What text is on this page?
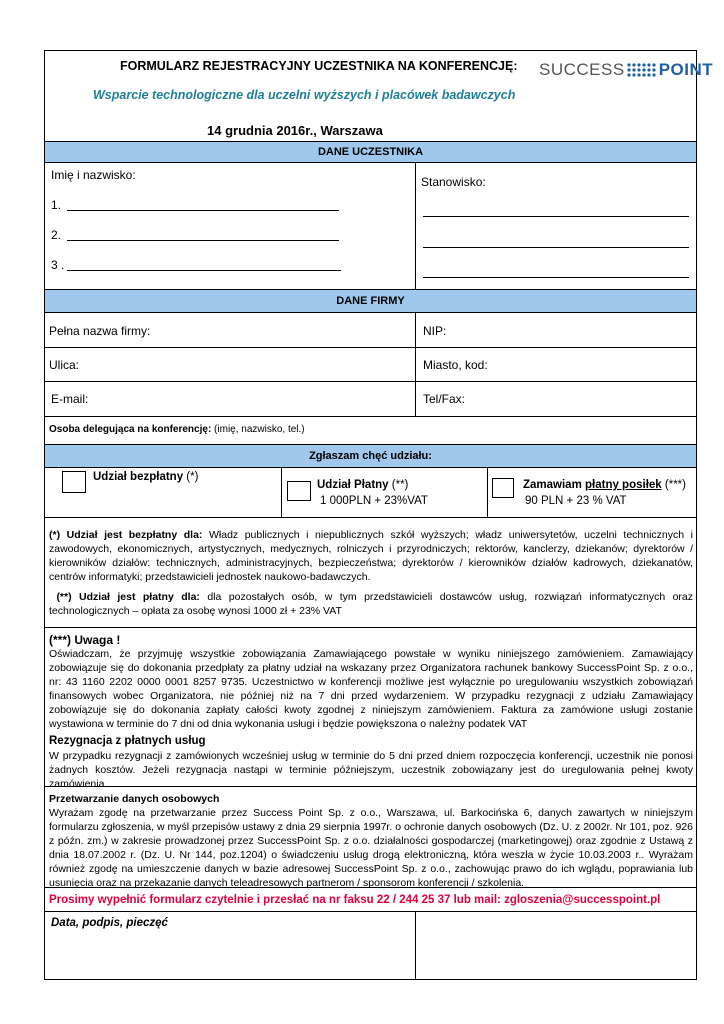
FORMULARZ REJESTRACYJNY UCZESTNIKA NA KONFERENCJĘ:
Wsparcie technologiczne dla uczelni wyższych i placówek badawczych
14 grudnia 2016r., Warszawa
SUCCESS POINT
DANE UCZESTNIKA
Imię i nazwisko:
1.
2.
3 .
Stanowisko:
DANE FIRMY
Pełna nazwa firmy:	NIP:
Ulica:	Miasto, kod:
E-mail:	Tel/Fax:
Osoba delegująca na konferencję: (imię, nazwisko, tel.)
Zgłaszam chęć udziału:
Udział bezpłatny (*)
Udział Płatny (**)
1 000PLN + 23%VAT
Zamawiam płatny posiłek (***)
90 PLN + 23 % VAT
(*) Udział jest bezpłatny dla: Władz publicznych i niepublicznych szkół wyższych; władz uniwersytetów, uczelni technicznych i zawodowych, ekonomicznych, artystycznych, medycznych, rolniczych i przyrodniczych; rektorów, kanclerzy, dziekanów; dyrektorów / kierowników działów: technicznych, administracyjnych, bezpieczeństwa; dyrektorów / kierowników działów kadrowych, dziekanatów, centrów informatyki; przedstawicieli jednostek naukowo-badawczych.
(**) Udział jest płatny dla: dla pozostałych osób, w tym przedstawicieli dostawców usług, rozwiązań informatycznych oraz technologicznych – opłata za osobę wynosi 1000 zł + 23% VAT
(***) Uwaga !
Oświadczam, że przyjmuję wszystkie zobowiązania Zamawiającego powstałe w wyniku niniejszego zamówieniem. Zamawiający zobowiązuje się do dokonania przedpłaty za płatny udział na wskazany przez Organizatora rachunek bankowy SuccessPoint Sp. z o.o., nr: 43 1160 2202 0000 0001 8257 9735. Uczestnictwo w konferencji możliwe jest wyłącznie po uregulowaniu wszystkich zobowiązań finansowych wobec Organizatora, nie później niż na 7 dni przed wydarzeniem. W przypadku rezygnacji z udziału Zamawiający zobowiązuje się do dokonania zapłaty całości kwoty zgodnej z niniejszym zamówieniem. Faktura za zamówione usługi zostanie wystawiona w terminie do 7 dni od dnia wykonania usługi i będzie powiększona o należny podatek VAT
Rezygnacja z płatnych usług
W przypadku rezygnacji z zamówionych wcześniej usług w terminie do 5 dni przed dniem rozpoczęcia konferencji, uczestnik nie ponosi żadnych kosztów. Jeżeli rezygnacja nastąpi w terminie późniejszym, uczestnik zobowiązany jest do uregulowania pełnej kwoty zamówienia.
Przetwarzanie danych osobowych
Wyrażam zgodę na przetwarzanie przez Success Point Sp. z o.o., Warszawa, ul. Barkocińska 6, danych zawartych w niniejszym formularzu zgłoszenia, w myśl przepisów ustawy z dnia 29 sierpnia 1997r. o ochronie danych osobowych (Dz. U. z 2002r. Nr 101, poz. 926 z późn. zm.) w zakresie prowadzonej przez SuccessPoint Sp. z o.o. działalności gospodarczej (marketingowej) oraz zgodnie z Ustawą z dnia 18.07.2002 r. (Dz. U. Nr 144, poz.1204) o świadczeniu usług drogą elektroniczną, która weszła w życie 10.03.2003 r.. Wyrażam również zgodę na umieszczenie danych w bazie adresowej SuccessPoint Sp. z o.o., zachowując prawo do ich wglądu, poprawiania lub usunięcia oraz na przekazanie danych teleadresowych partnerom / sponsorom konferencji / szkolenia.
Prosimy wypełnić formularz czytelnie i przesłać na nr faksu 22 / 244 25 37 lub mail: zgloszenia@successpoint.pl
Data, podpis, pieczęć
